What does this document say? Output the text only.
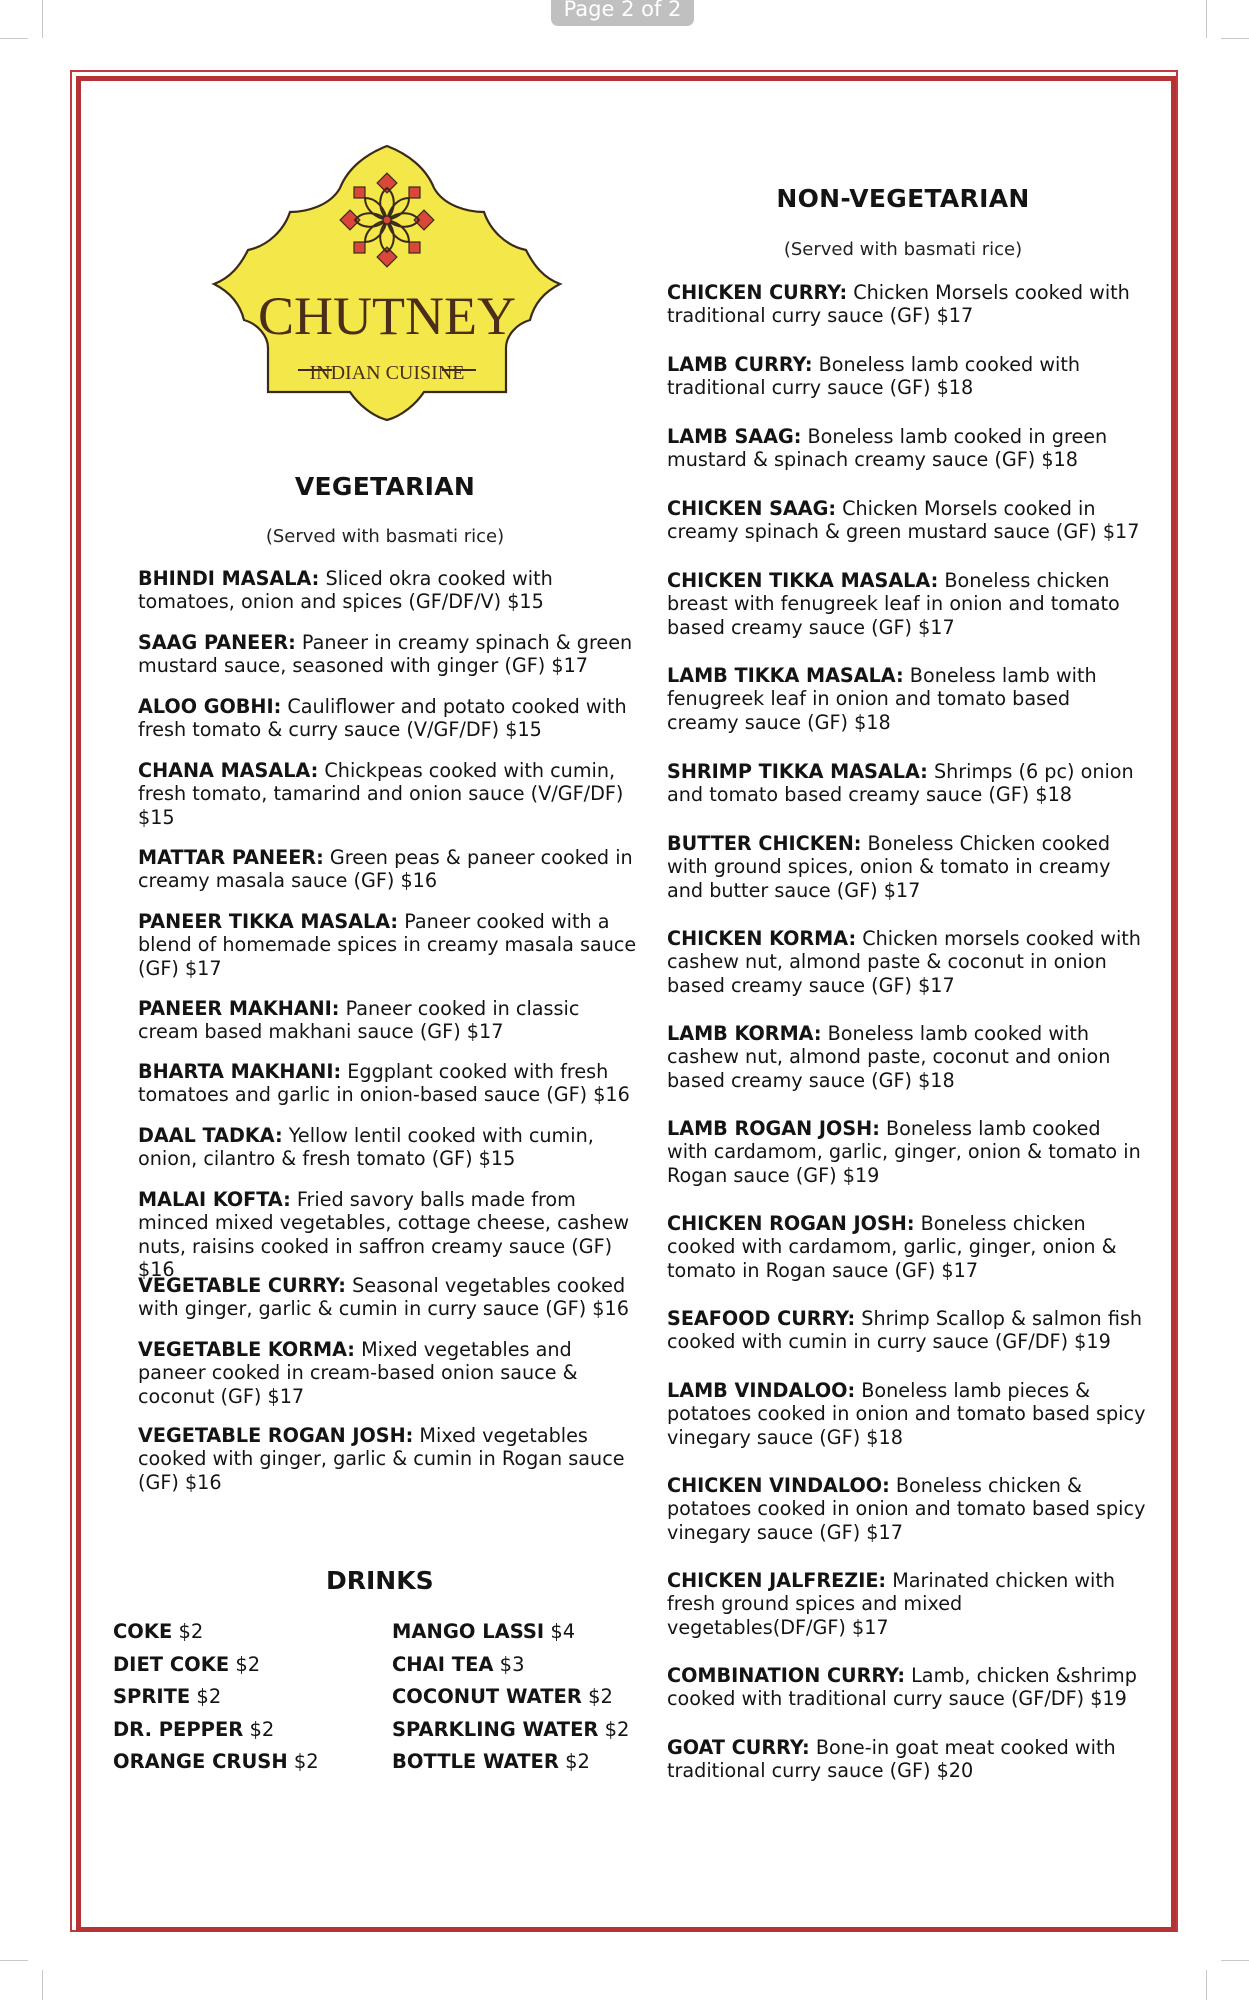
Page 2 of 2
CHUTNEY
INDIAN CUISINE
VEGETARIAN
(Served with basmati rice)
BHINDI MASALA: Sliced okra cooked with tomatoes, onion and spices (GF/DF/V) $15
SAAG PANEER: Paneer in creamy spinach & green mustard sauce, seasoned with ginger (GF) $17
ALOO GOBHI: Cauliflower and potato cooked with fresh tomato & curry sauce (V/GF/DF) $15
CHANA MASALA: Chickpeas cooked with cumin, fresh tomato, tamarind and onion sauce (V/GF/DF) $15
MATTAR PANEER: Green peas & paneer cooked in creamy masala sauce (GF) $16
PANEER TIKKA MASALA: Paneer cooked with a blend of homemade spices in creamy masala sauce (GF) $17
PANEER MAKHANI: Paneer cooked in classic cream based makhani sauce (GF) $17
BHARTA MAKHANI: Eggplant cooked with fresh tomatoes and garlic in onion-based sauce (GF) $16
DAAL TADKA: Yellow lentil cooked with cumin, onion, cilantro & fresh tomato (GF) $15
MALAI KOFTA: Fried savory balls made from minced mixed vegetables, cottage cheese, cashew nuts, raisins cooked in saffron creamy sauce (GF) $16
VEGETABLE CURRY: Seasonal vegetables cooked with ginger, garlic & cumin in curry sauce (GF) $16
VEGETABLE KORMA: Mixed vegetables and paneer cooked in cream-based onion sauce & coconut (GF) $17
VEGETABLE ROGAN JOSH: Mixed vegetables cooked with ginger, garlic & cumin in Rogan sauce (GF) $16
NON-VEGETARIAN
(Served with basmati rice)
CHICKEN CURRY: Chicken Morsels cooked with traditional curry sauce (GF) $17
LAMB CURRY: Boneless lamb cooked with traditional curry sauce (GF) $18
LAMB SAAG: Boneless lamb cooked in green mustard & spinach creamy sauce (GF) $18
CHICKEN SAAG: Chicken Morsels cooked in creamy spinach & green mustard sauce (GF) $17
CHICKEN TIKKA MASALA: Boneless chicken breast with fenugreek leaf in onion and tomato based creamy sauce (GF) $17
LAMB TIKKA MASALA: Boneless lamb with fenugreek leaf in onion and tomato based creamy sauce (GF) $18
SHRIMP TIKKA MASALA: Shrimps (6 pc) onion and tomato based creamy sauce (GF) $18
BUTTER CHICKEN: Boneless Chicken cooked with ground spices, onion & tomato in creamy and butter sauce (GF) $17
CHICKEN KORMA: Chicken morsels cooked with cashew nut, almond paste & coconut in onion based creamy sauce (GF) $17
LAMB KORMA: Boneless lamb cooked with cashew nut, almond paste, coconut and onion based creamy sauce (GF) $18
LAMB ROGAN JOSH: Boneless lamb cooked with cardamom, garlic, ginger, onion & tomato in Rogan sauce (GF) $19
CHICKEN ROGAN JOSH: Boneless chicken cooked with cardamom, garlic, ginger, onion & tomato in Rogan sauce (GF) $17
SEAFOOD CURRY: Shrimp Scallop & salmon fish cooked with cumin in curry sauce (GF/DF) $19
LAMB VINDALOO: Boneless lamb pieces & potatoes cooked in onion and tomato based spicy vinegary sauce (GF) $18
CHICKEN VINDALOO: Boneless chicken & potatoes cooked in onion and tomato based spicy vinegary sauce (GF) $17
CHICKEN JALFREZIE: Marinated chicken with fresh ground spices and mixed vegetables(DF/GF) $17
COMBINATION CURRY: Lamb, chicken &shrimp cooked with traditional curry sauce (GF/DF) $19
GOAT CURRY: Bone-in goat meat cooked with traditional curry sauce (GF) $20
DRINKS
COKE $2
DIET COKE $2
SPRITE $2
DR. PEPPER $2
ORANGE CRUSH $2
MANGO LASSI $4
CHAI TEA $3
COCONUT WATER $2
SPARKLING WATER $2
BOTTLE WATER $2
